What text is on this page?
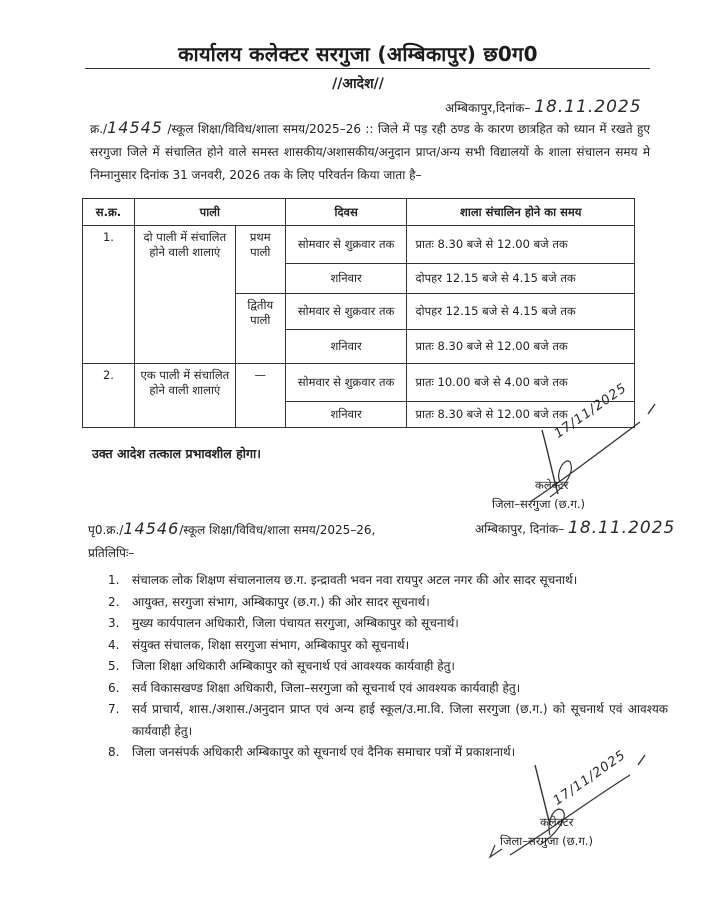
कार्यालय कलेक्टर सरगुजा (अम्बिकापुर) छ0ग0
//आदेश//
अम्बिकापुर,दिनांक– 18.11.2025
क्र./14545 /स्कूल शिक्षा/विविध/शाला समय/2025–26 :: जिले में पड़ रही ठण्ड के कारण छात्रहित को ध्यान में रखते हुए सरगुजा जिले में संचालित होने वाले समस्त शासकीय/अशासकीय/अनुदान प्राप्त/अन्य सभी विद्यालयों के शाला संचालन समय मे निम्नानुसार दिनांक 31 जनवरी, 2026 तक के लिए परिवर्तन किया जाता है–
स.क्र.	पाली		दिवस	शाला संचालिन होने का समय
1.	दो पाली में संचालित होने वाली शालाएं	प्रथम पाली	सोमवार से शुक्रवार तक	प्रातः 8.30 बजे से 12.00 बजे तक
			शनिवार	दोपहर 12.15 बजे से 4.15 बजे तक
		द्वितीय पाली	सोमवार से शुक्रवार तक	दोपहर 12.15 बजे से 4.15 बजे तक
			शनिवार	प्रातः 8.30 बजे से 12.00 बजे तक
2.	एक पाली में संचालित होने वाली शालाएं	—	सोमवार से शुक्रवार तक	प्रातः 10.00 बजे से 4.00 बजे तक
			शनिवार	प्रातः 8.30 बजे से 12.00 बजे तक
उक्त आदेश तत्काल प्रभावशील होगा।
17/11/2025
कलेक्टर
जिला–सरगुजा (छ.ग.)
पृ0.क्र./14546/स्कूल शिक्षा/विविध/शाला समय/2025–26,	अम्बिकापुर, दिनांक– 18.11.2025
प्रतिलिपिः–
1. संचालक लोक शिक्षण संचालनालय छ.ग. इन्द्रावती भवन नवा रायपुर अटल नगर की ओर सादर सूचनार्थ।
2. आयुक्त, सरगुजा संभाग, अम्बिकापुर (छ.ग.) की ओर सादर सूचनार्थ।
3. मुख्य कार्यपालन अधिकारी, जिला पंचायत सरगुजा, अम्बिकापुर को सूचनार्थ।
4. संयुक्त संचालक, शिक्षा सरगुजा संभाग, अम्बिकापुर को सूचनार्थ।
5. जिला शिक्षा अधिकारी अम्बिकापुर को सूचनार्थ एवं आवश्यक कार्यवाही हेतु।
6. सर्व विकासखण्ड शिक्षा अधिकारी, जिला–सरगुजा को सूचनार्थ एवं आवश्यक कार्यवाही हेतु।
7. सर्व प्राचार्य, शास./अशास./अनुदान प्राप्त एवं अन्य हाई स्कूल/उ.मा.वि. जिला सरगुजा (छ.ग.) को सूचनार्थ एवं आवश्यक कार्यवाही हेतु।
8. जिला जनसंपर्क अधिकारी अम्बिकापुर को सूचनार्थ एवं दैनिक समाचार पत्रों में प्रकाशनार्थ।	17/11/2025
कलेक्टर
जिला–सरगुजा (छ.ग.)
